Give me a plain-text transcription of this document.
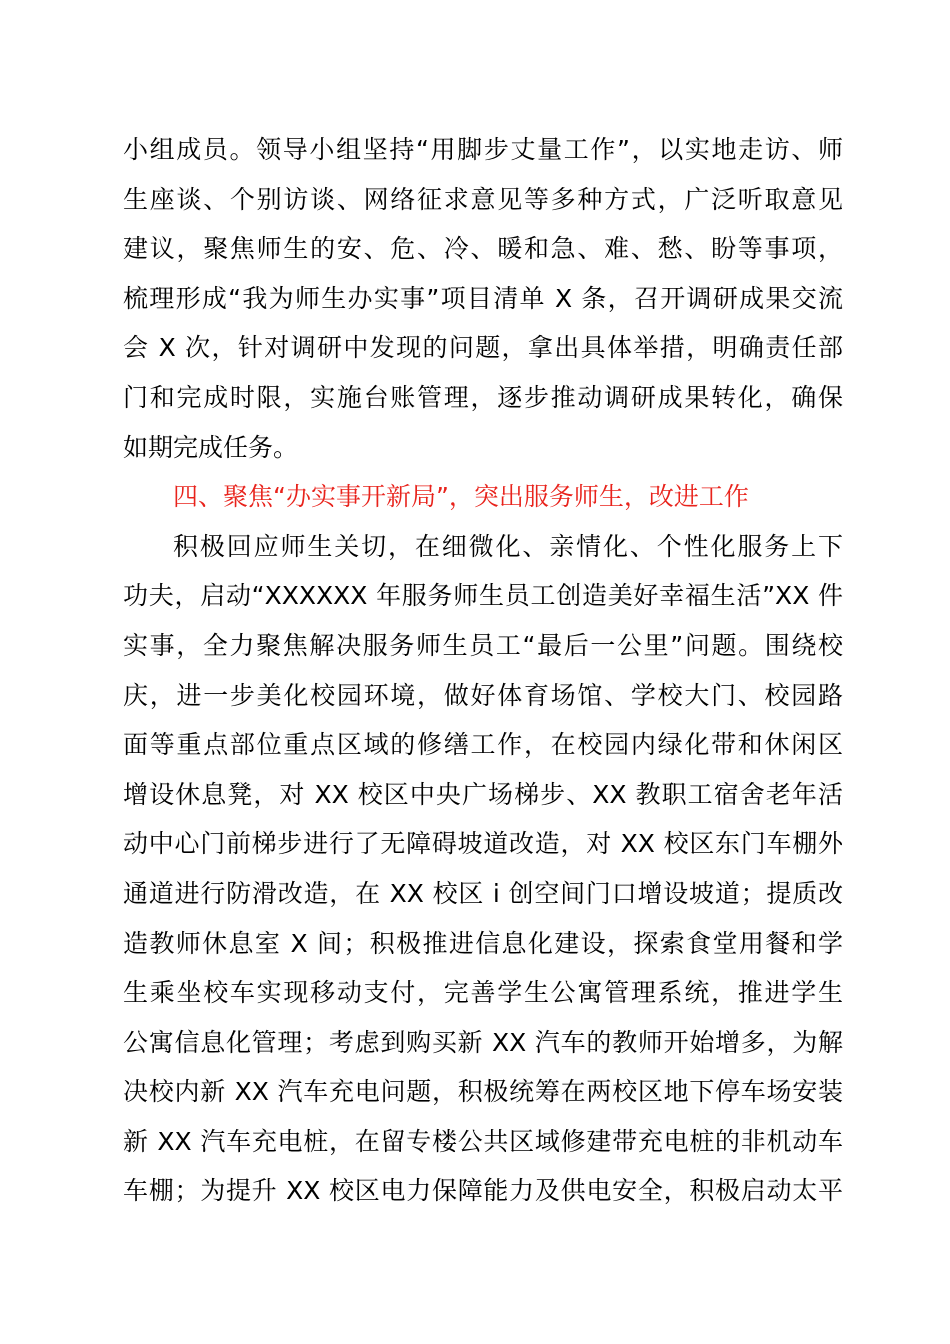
小组成员。领导小组坚持“用脚步丈量工作”，以实地走访、师
生座谈、个别访谈、网络征求意见等多种方式，广泛听取意见
建议，聚焦师生的安、危、冷、暖和急、难、愁、盼等事项，
梳理形成“我为师生办实事”项目清单 X 条，召开调研成果交流
会 X 次，针对调研中发现的问题，拿出具体举措，明确责任部
门和完成时限，实施台账管理，逐步推动调研成果转化，确保
如期完成任务。
四、聚焦“办实事开新局”，突出服务师生，改进工作
积极回应师生关切，在细微化、亲情化、个性化服务上下
功夫，启动“XXXXXX 年服务师生员工创造美好幸福生活”XX 件
实事，全力聚焦解决服务师生员工“最后一公里”问题。围绕校
庆，进一步美化校园环境，做好体育场馆、学校大门、校园路
面等重点部位重点区域的修缮工作，在校园内绿化带和休闲区
增设休息凳，对 XX 校区中央广场梯步、XX 教职工宿舍老年活
动中心门前梯步进行了无障碍坡道改造，对 XX 校区东门车棚外
通道进行防滑改造，在 XX 校区 i 创空间门口增设坡道；提质改
造教师休息室 X 间；积极推进信息化建设，探索食堂用餐和学
生乘坐校车实现移动支付，完善学生公寓管理系统，推进学生
公寓信息化管理；考虑到购买新 XX 汽车的教师开始增多，为解
决校内新 XX 汽车充电问题，积极统筹在两校区地下停车场安装
新 XX 汽车充电桩，在留专楼公共区域修建带充电桩的非机动车
车棚；为提升 XX 校区电力保障能力及供电安全，积极启动太平
